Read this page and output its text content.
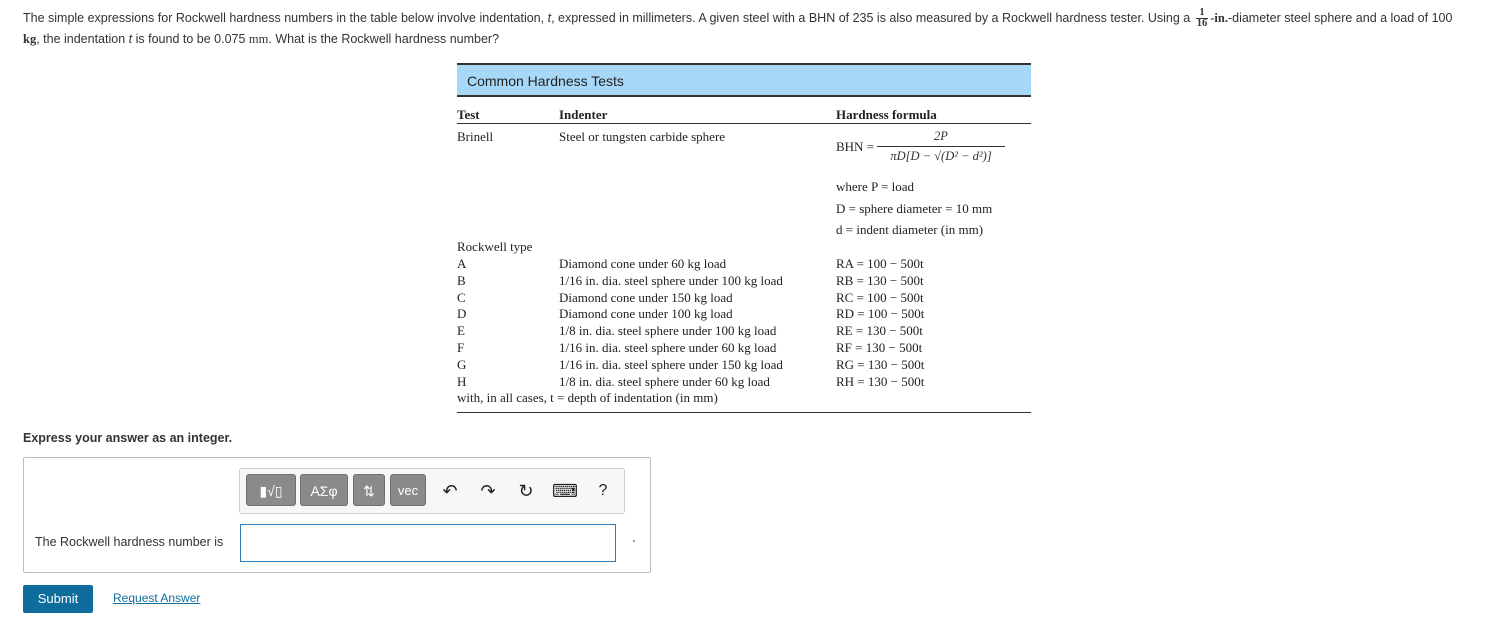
The simple expressions for Rockwell hardness numbers in the table below involve indentation, t, expressed in millimeters. A given steel with a BHN of 235 is also measured by a Rockwell hardness tester. Using a $\frac{1}{16}$ -in.-diameter steel sphere and a load of 100 kg, the indentation t is found to be 0.075 mm. What is the Rockwell hardness number?
Common Hardness Tests
Test	Indenter	Hardness formula
Brinell	Steel or tungsten carbide sphere
BHN = $\frac{2P}{\text{πD[D − √(D² − d²)]}}$
where P = load
D = sphere diameter = 10 mm
d = indent diameter (in mm)
Rockwell type
A	Diamond cone under 60 kg load	RA = 100 − 500t
B	1/16 in. dia. steel sphere under 100 kg load	RB = 130 − 500t
C	Diamond cone under 150 kg load	RC = 100 − 500t
D	Diamond cone under 100 kg load	RD = 100 − 500t
E	1/8 in. dia. steel sphere under 100 kg load	RE = 130 − 500t
F	1/16 in. dia. steel sphere under 60 kg load	RF = 130 − 500t
G	1/16 in. dia. steel sphere under 150 kg load	RG = 130 − 500t
H	1/8 in. dia. steel sphere under 60 kg load	RH = 130 − 500t
with, in all cases, t = depth of indentation (in mm)
Express your answer as an integer.
▮√▯	ΑΣφ	⇅	vec	↶	↷	↻	⌨	?
The Rockwell hardness number is
Submit	Request Answer
